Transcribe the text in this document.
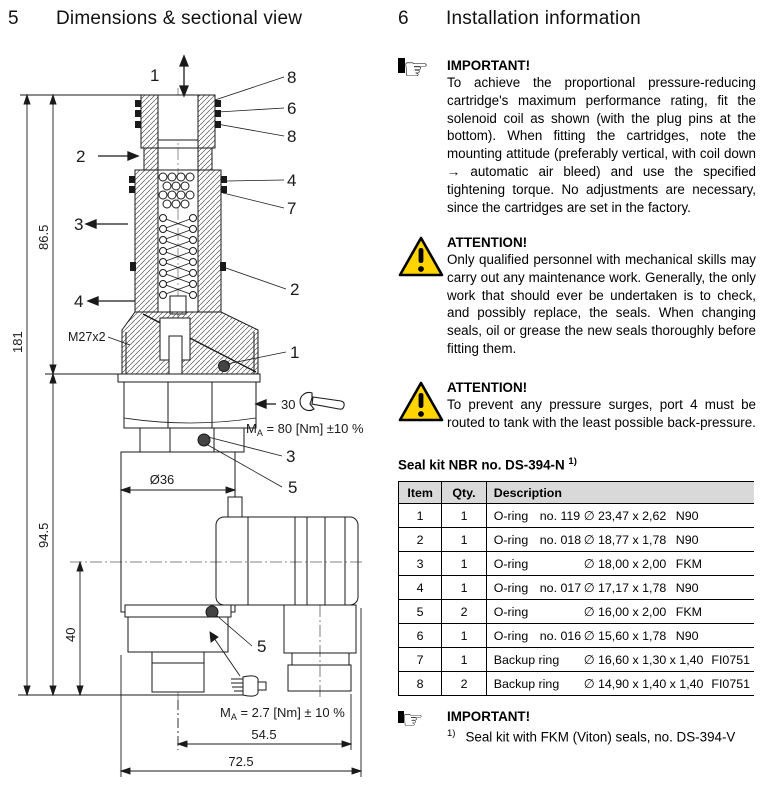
5	Dimensions & sectional view	6	Installation information
181
86.5
94.5
40
Ø36
54.5
72.5
1
2
3
4
8
6
8
4
7
2
1
3
5
5
M27x2
30
$M_A = 80$ [Nm] ±10 %
$M_A = 2.7$ [Nm] ± 10 %
☞	IMPORTANT!
To achieve the proportional pressure-reducing cartridge's maximum performance rating, fit the solenoid coil as shown (with the plug pins at the bottom). When fitting the cartridges, note the mounting attitude (preferably vertical, with coil down → automatic air bleed) and use the specified tightening torque. No adjustments are necessary, since the cartridges are set in the factory.
ATTENTION!
Only qualified personnel with mechanical skills may carry out any maintenance work. Generally, the only work that should ever be undertaken is to check, and possibly replace, the seals. When changing seals, oil or grease the new seals thoroughly before fitting them.
ATTENTION!
To prevent any pressure surges, port 4 must be routed to tank with the least possible back-pressure.
Seal kit NBR no. DS-394-N $^{1)}$
Item	Qty.	Description
1	1	O-ring no. 119 ∅ 23,47 x 2,62 N90

2	1	O-ring no. 018 ∅ 18,77 x 1,78 N90

3	1	O-ring ∅ 18,00 x 2,00 FKM

4	1	O-ring no. 017 ∅ 17,17 x 1,78 N90

5	2	O-ring ∅ 16,00 x 2,00 FKM

6	1	O-ring no. 016 ∅ 15,60 x 1,78 N90

7	1	Backup ring ∅ 16,60 x 1,30 x 1,40 FI0751

8	2	Backup ring ∅ 14,90 x 1,40 x 1,40 FI0751
☞	IMPORTANT!
$^{1)}$ Seal kit with FKM (Viton) seals, no. DS-394-V
